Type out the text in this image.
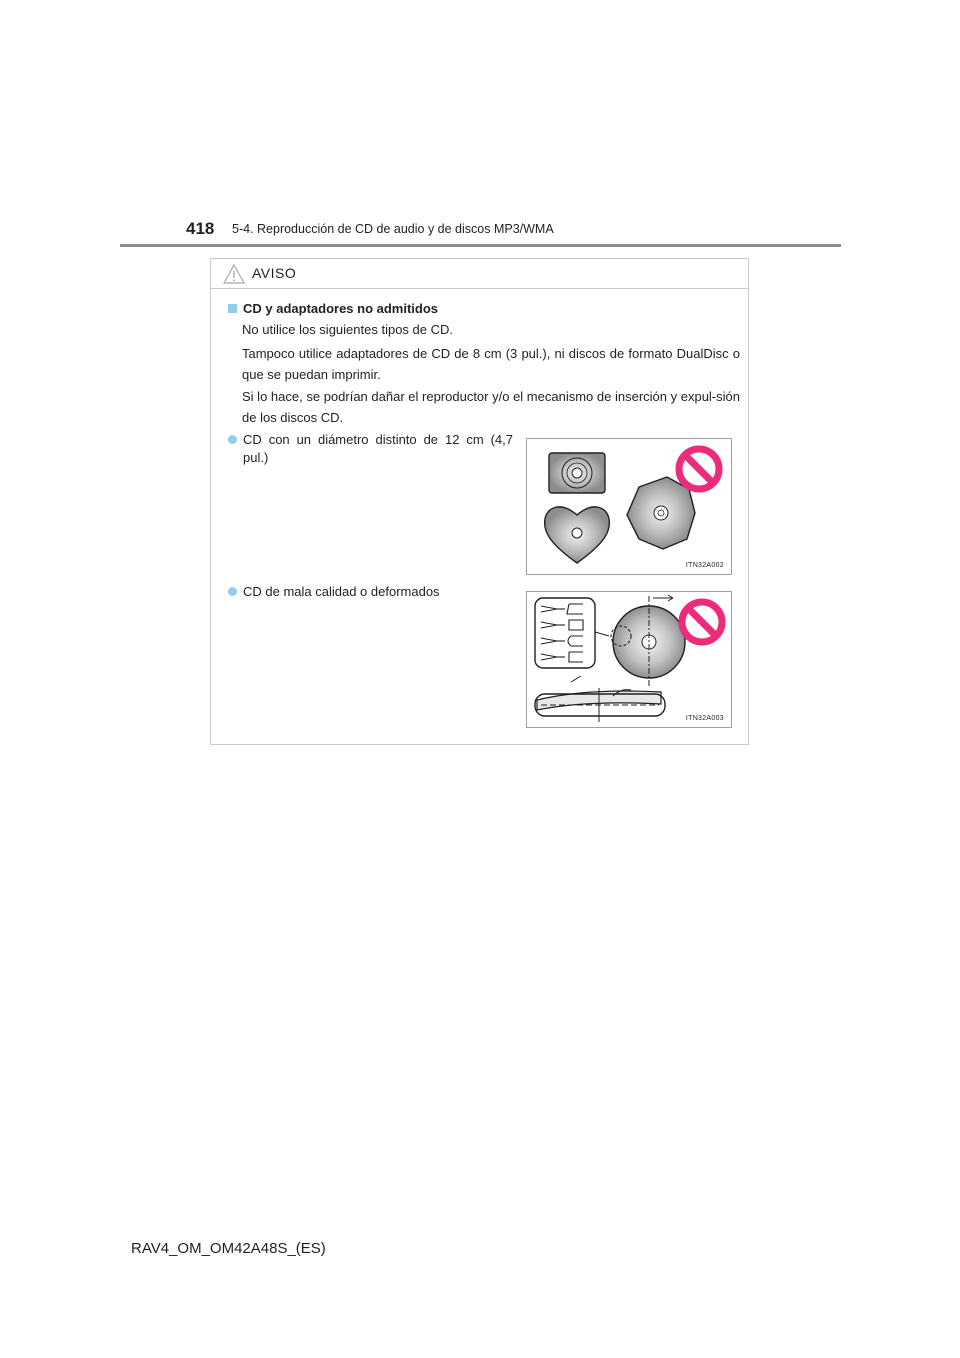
418 5-4. Reproducción de CD de audio y de discos MP3/WMA
AVISO
CD y adaptadores no admitidos

No utilice los siguientes tipos de CD.

Tampoco utilice adaptadores de CD de 8 cm (3 pul.), ni discos de formato DualDisc o que se puedan imprimir.

Si lo hace, se podrían dañar el reproductor y/o el mecanismo de inserción y expul-sión de los discos CD.

CD con un diámetro distinto de 12 cm (4,7 pul.)
ITN32A002
CD de mala calidad o deformados
ITN32A003
RAV4_OM_OM42A48S_(ES)
